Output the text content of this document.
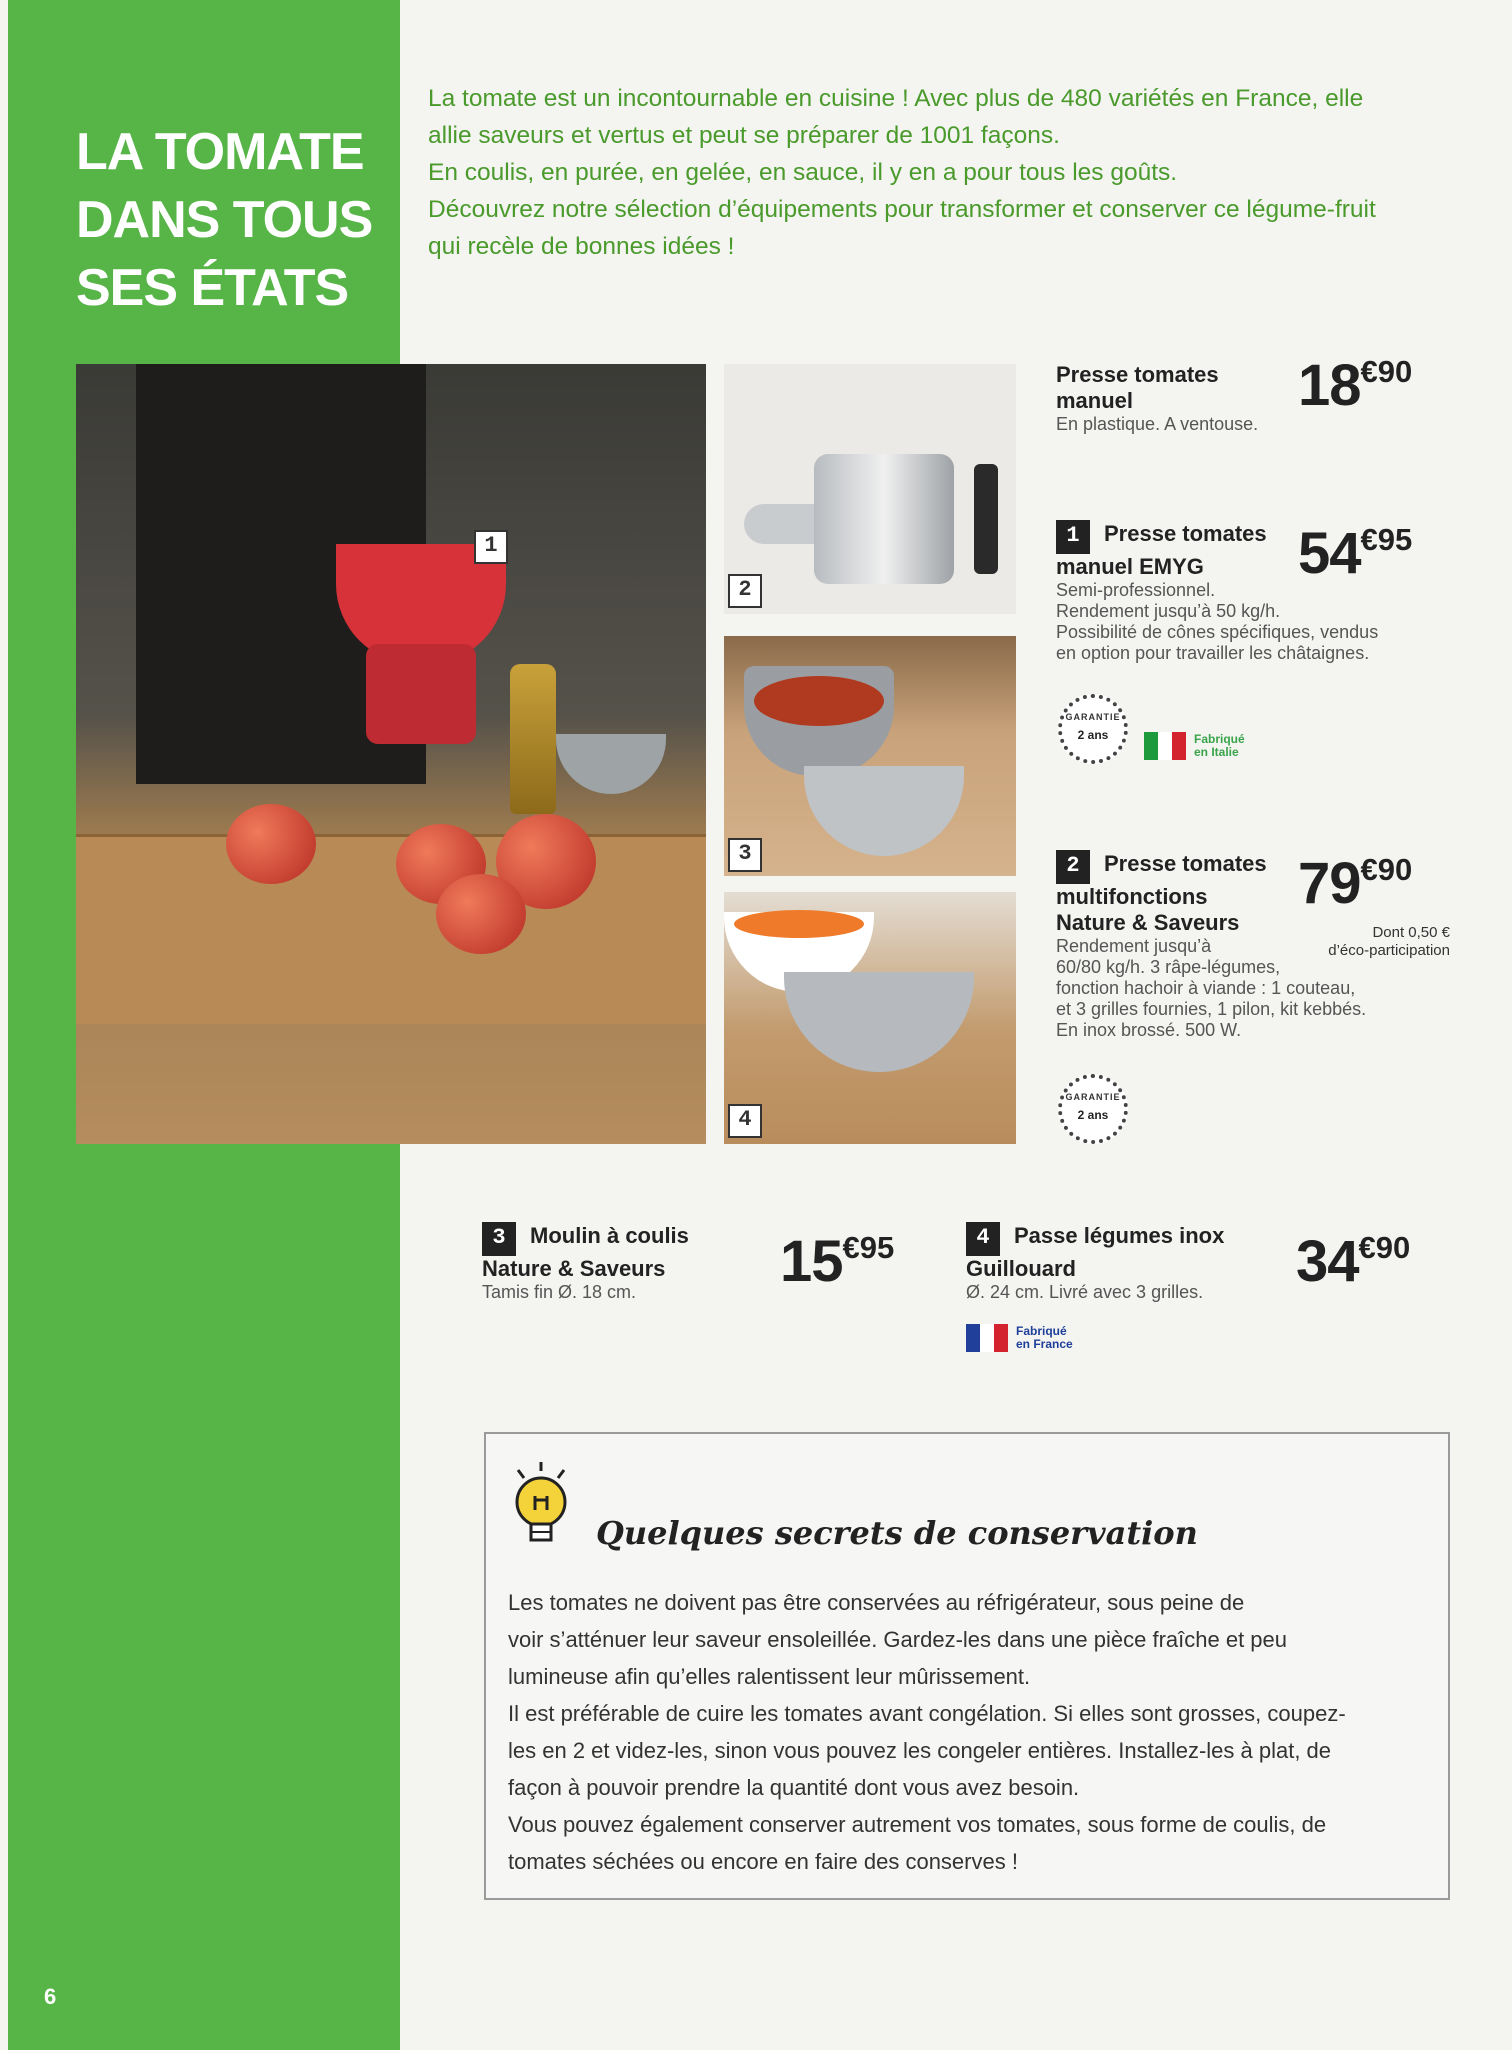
LA TOMATE
DANS TOUS
SES ÉTATS

La tomate est un incontournable en cuisine ! Avec plus de 480 variétés en France, elle

allie saveurs et vertus et peut se préparer de 1001 façons.

En coulis, en purée, en gelée, en sauce, il y en a pour tous les goûts.

Découvrez notre sélection d’équipements pour transformer et conserver ce légume-fruit

qui recèle de bonnes idées !

1
2
3
4
Presse tomates
manuel
En plastique. A ventouse.
18€90
1 Presse tomates
manuel EMYG
Semi-professionnel.
Rendement jusqu’à 50 kg/h.
Possibilité de cônes spécifiques, vendus
en option pour travailler les châtaignes.
54€95
GARANTIE
2 ans	Fabriqué
en Italie
2 Presse tomates
multifonctions
Nature & Saveurs
Rendement jusqu’à
60/80 kg/h. 3 râpe-légumes,
fonction hachoir à viande : 1 couteau,
et 3 grilles fournies, 1 pilon, kit kebbés.
En inox brossé. 500 W.
79€90
Dont 0,50 €
d’éco-participation
GARANTIE
2 ans
3 Moulin à coulis
Nature & Saveurs
Tamis fin Ø. 18 cm.	15€95	4 Passe légumes inox
Guillouard
Ø. 24 cm. Livré avec 3 grilles.	34€90
Fabriqué
en France
Quelques secrets de conservation

Les tomates ne doivent pas être conservées au réfrigérateur, sous peine de

voir s’atténuer leur saveur ensoleillée. Gardez-les dans une pièce fraîche et peu

lumineuse afin qu’elles ralentissent leur mûrissement.

Il est préférable de cuire les tomates avant congélation. Si elles sont grosses, coupez-

les en 2 et videz-les, sinon vous pouvez les congeler entières. Installez-les à plat, de

façon à pouvoir prendre la quantité dont vous avez besoin.

Vous pouvez également conserver autrement vos tomates, sous forme de coulis, de

tomates séchées ou encore en faire des conserves !

6
